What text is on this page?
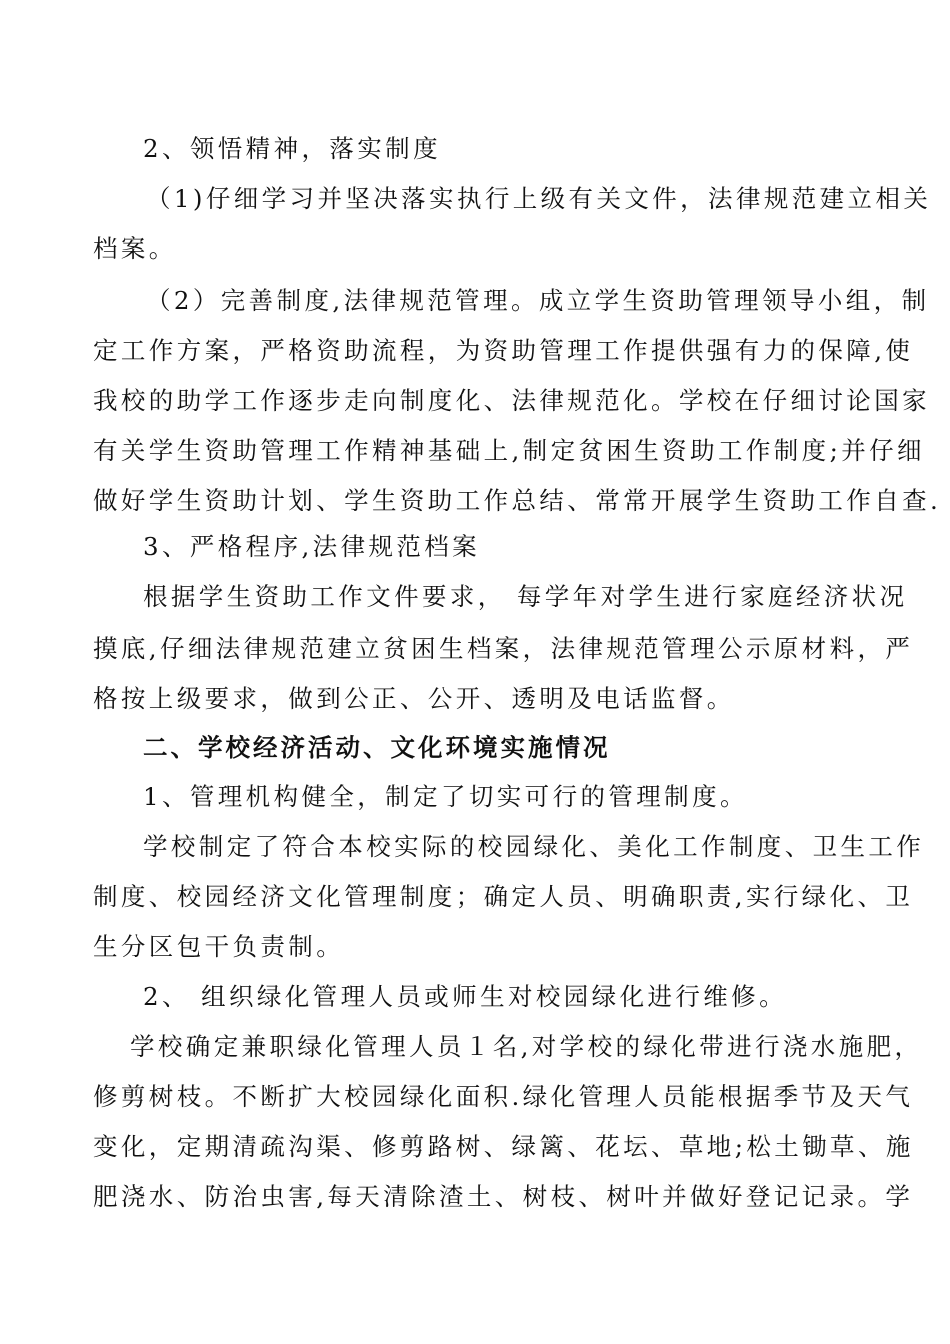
2、领悟精神，落实制度
（1)仔细学习并坚决落实执行上级有关文件，法律规范建立相关
档案。
（2）完善制度,法律规范管理。成立学生资助管理领导小组，制
定工作方案，严格资助流程，为资助管理工作提供强有力的保障,使
我校的助学工作逐步走向制度化、法律规范化。学校在仔细讨论国家
有关学生资助管理工作精神基础上,制定贫困生资助工作制度;并仔细
做好学生资助计划、学生资助工作总结、常常开展学生资助工作自查.
3、严格程序,法律规范档案
根据学生资助工作文件要求， 每学年对学生进行家庭经济状况
摸底,仔细法律规范建立贫困生档案，法律规范管理公示原材料，严
格按上级要求，做到公正、公开、透明及电话监督。
二、学校经济活动、文化环境实施情况
1、管理机构健全，制定了切实可行的管理制度。
学校制定了符合本校实际的校园绿化、美化工作制度、卫生工作
制度、校园经济文化管理制度；确定人员、明确职责,实行绿化、卫
生分区包干负责制。
2、 组织绿化管理人员或师生对校园绿化进行维修。
学校确定兼职绿化管理人员１名,对学校的绿化带进行浇水施肥，
修剪树枝。不断扩大校园绿化面积.绿化管理人员能根据季节及天气
变化，定期清疏沟渠、修剪路树、绿篱、花坛、草地;松土锄草、施
肥浇水、防治虫害,每天清除渣土、树枝、树叶并做好登记记录。学
